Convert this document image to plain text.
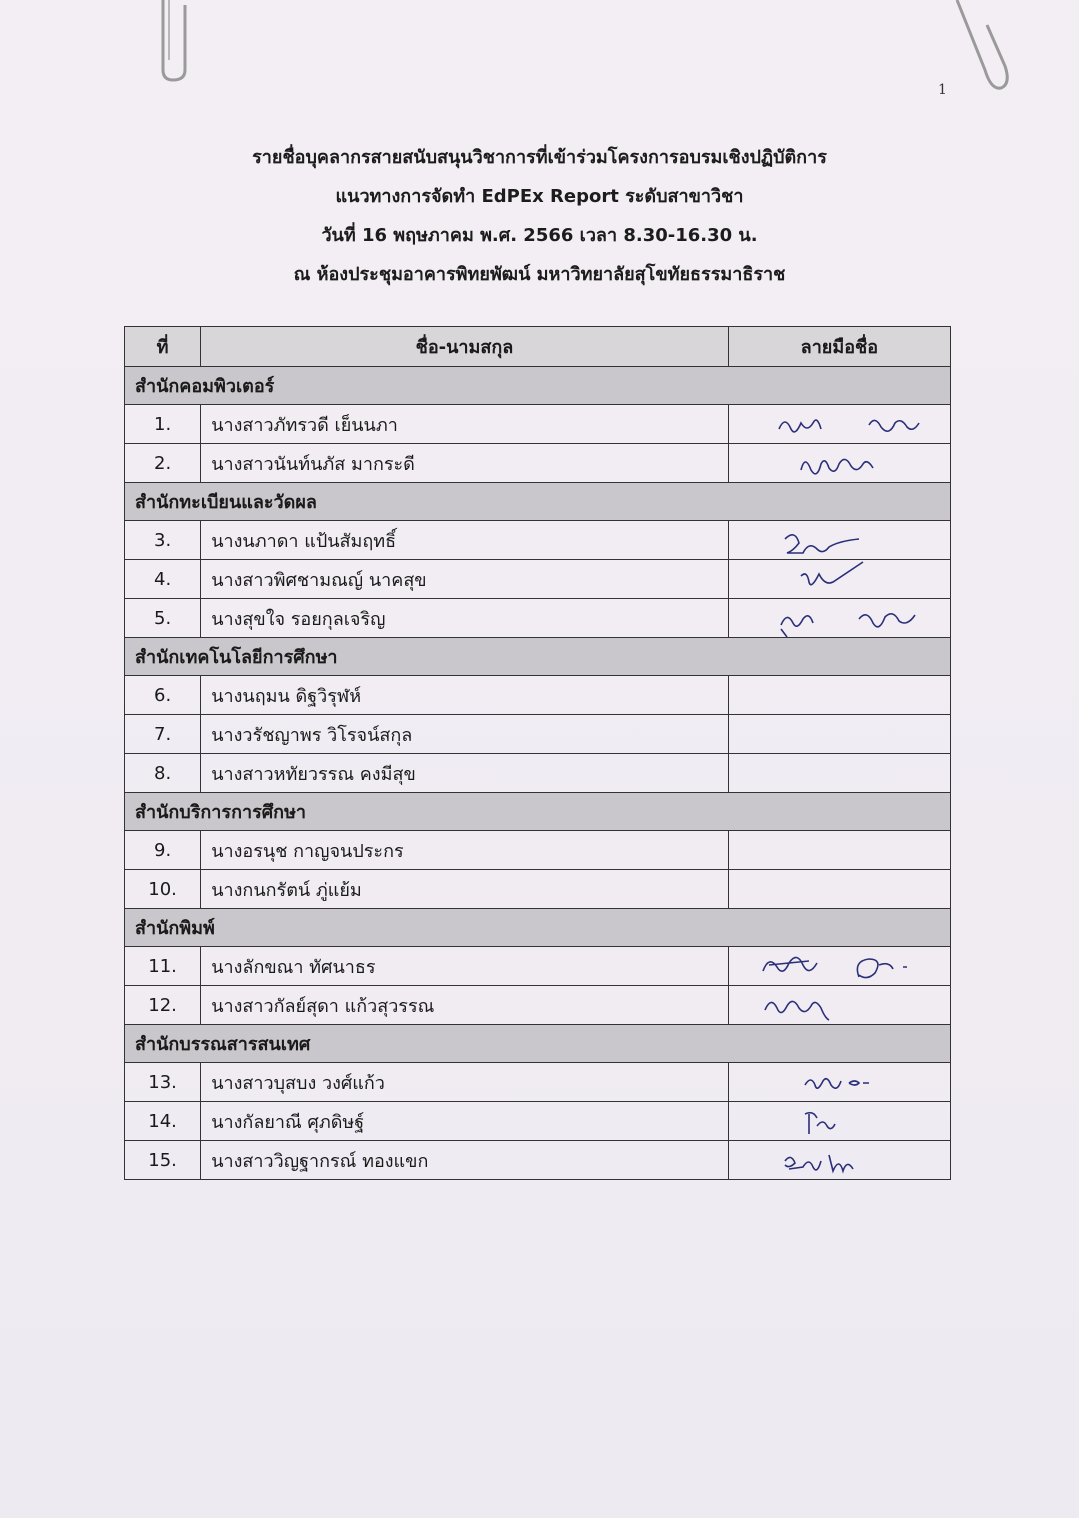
1
รายชื่อบุคลากรสายสนับสนุนวิชาการที่เข้าร่วมโครงการอบรมเชิงปฏิบัติการ
แนวทางการจัดทำ EdPEx Report ระดับสาขาวิชา
วันที่ 16 พฤษภาคม พ.ศ. 2566 เวลา 8.30-16.30 น.
ณ ห้องประชุมอาคารพิทยพัฒน์ มหาวิทยาลัยสุโขทัยธรรมาธิราช
ที่	ชื่อ-นามสกุล	ลายมือชื่อ
สำนักคอมพิวเตอร์		
1.	นางสาวภัทรวดี เย็นนภา	

2.	นางสาวนันท์นภัส มากระดี	

สำนักทะเบียนและวัดผล		
3.	นางนภาดา แป้นสัมฤทธิ์	

4.	นางสาวพิศชามณญ์ นาคสุข	

5.	นางสุขใจ รอยกุลเจริญ	

สำนักเทคโนโลยีการศึกษา		
6.	นางนฤมน ดิฐวิรุฬห์	
7.	นางวรัชญาพร วิโรจน์สกุล	
8.	นางสาวหทัยวรรณ คงมีสุข	
สำนักบริการการศึกษา		
9.	นางอรนุช กาญจนประกร	
10.	นางกนกรัตน์ ภู่แย้ม	
สำนักพิมพ์		
11.	นางลักขณา ทัศนาธร	

12.	นางสาวกัลย์สุดา แก้วสุวรรณ	

สำนักบรรณสารสนเทศ		
13.	นางสาวบุสบง วงศ์แก้ว	

14.	นางกัลยาณี ศุภดิษฐ์	

15.	นางสาววิญฐากรณ์ ทองแขก	
